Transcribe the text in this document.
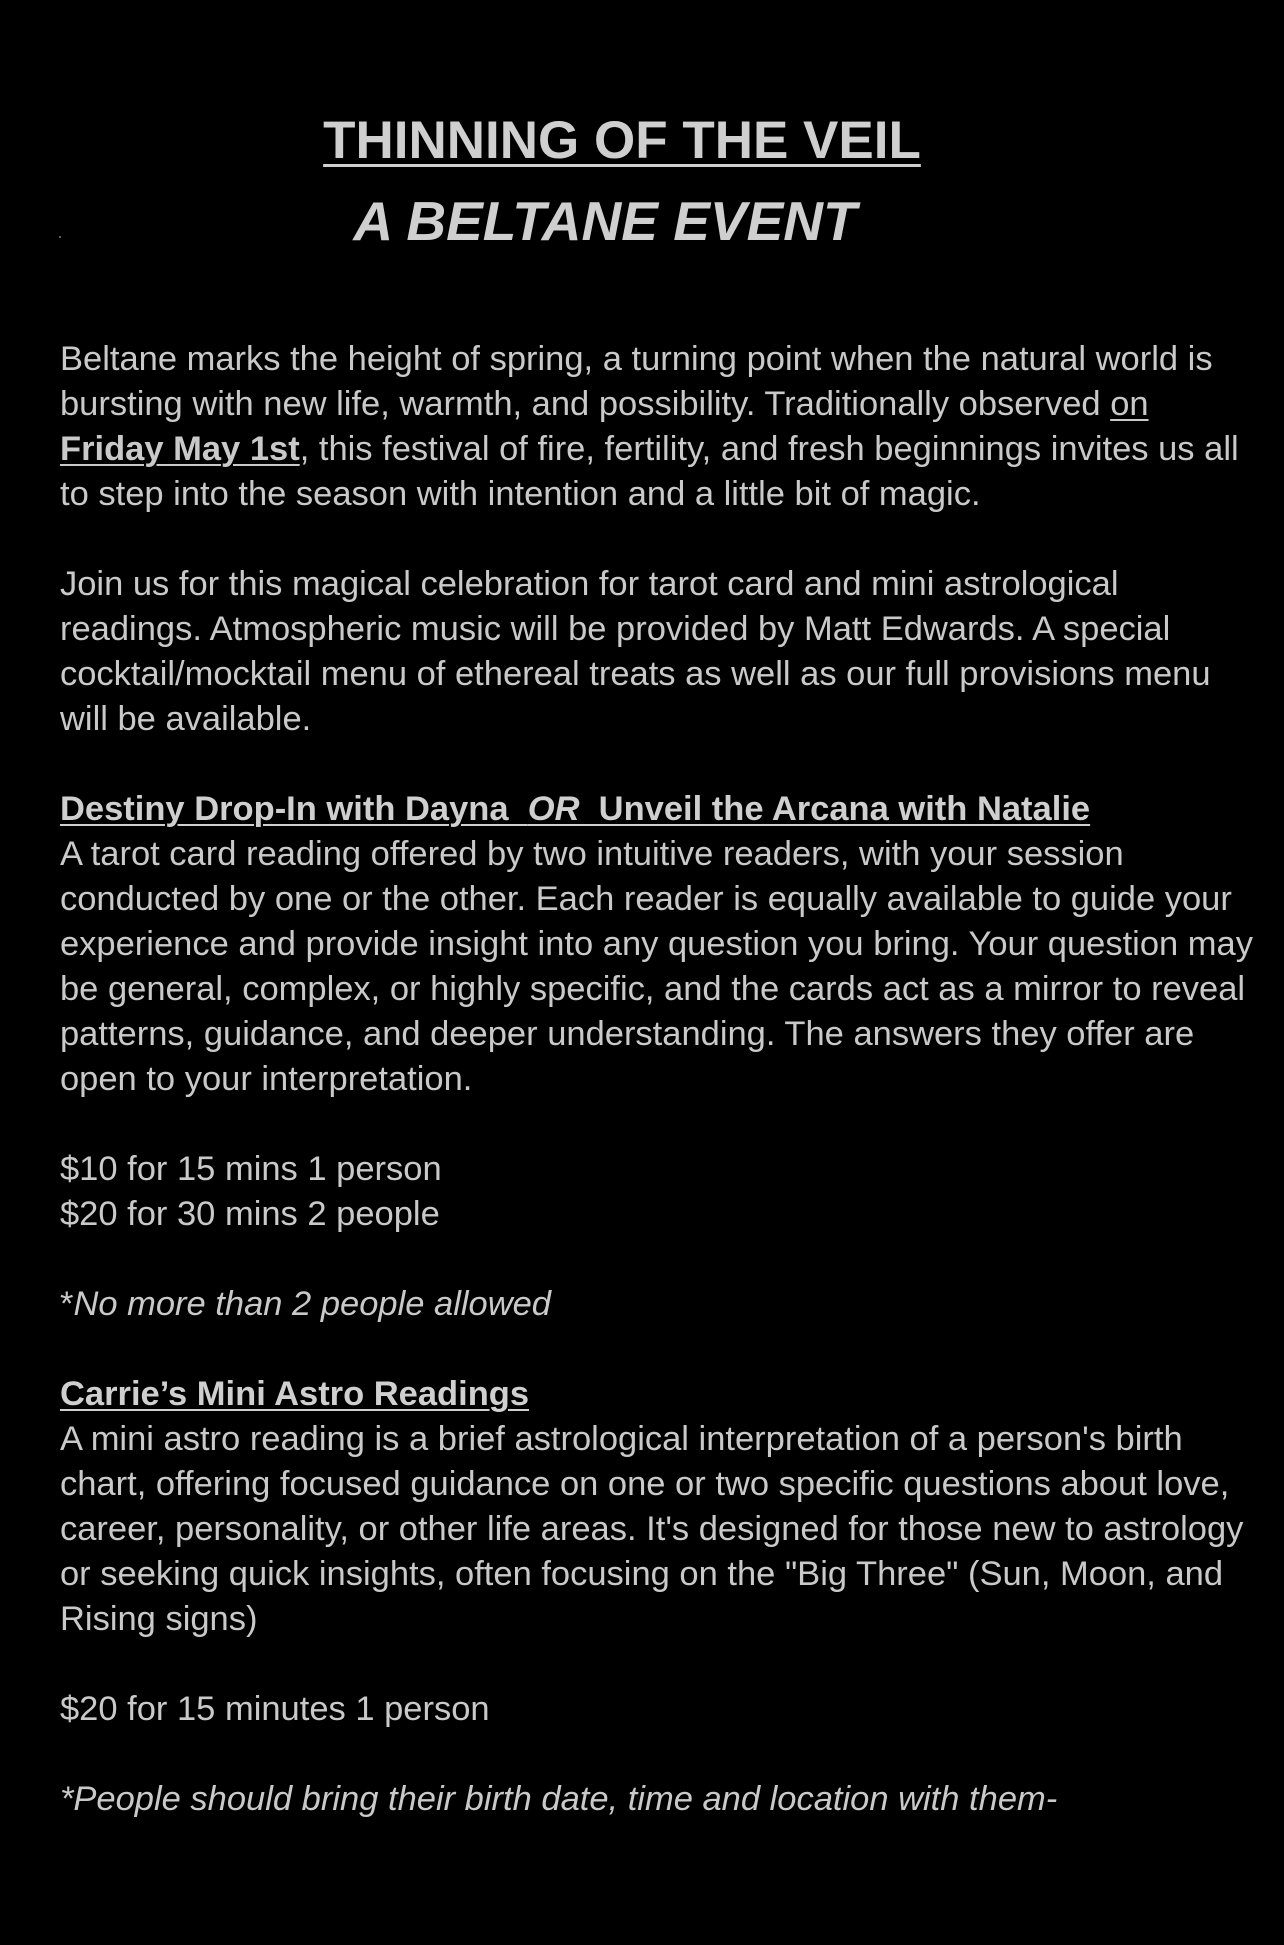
THINNING OF THE VEIL
A BELTANE EVENT

Beltane marks the height of spring, a turning point when the natural world is bursting with new life, warmth, and possibility. Traditionally observed on Friday May 1st, this festival of fire, fertility, and fresh beginnings invites us all to step into the season with intention and a little bit of magic.

Join us for this magical celebration for tarot card and mini astrological readings. Atmospheric music will be provided by Matt Edwards. A special cocktail/mocktail menu of ethereal treats as well as our full provisions menu will be available.

Destiny Drop-In with Dayna  OR  Unveil the Arcana with Natalie

A tarot card reading offered by two intuitive readers, with your session conducted by one or the other. Each reader is equally available to guide your experience and provide insight into any question you bring. Your question may be general, complex, or highly specific, and the cards act as a mirror to reveal patterns, guidance, and deeper understanding. The answers they offer are open to your interpretation.

$10 for 15 mins 1 person

$20 for 30 mins 2 people

*No more than 2 people allowed

Carrie’s Mini Astro Readings

A mini astro reading is a brief astrological interpretation of a person's birth chart, offering focused guidance on one or two specific questions about love, career, personality, or other life areas. It's designed for those new to astrology or seeking quick insights, often focusing on the "Big Three" (Sun, Moon, and Rising signs)

$20 for 15 minutes 1 person

*People should bring their birth date, time and location with them-
